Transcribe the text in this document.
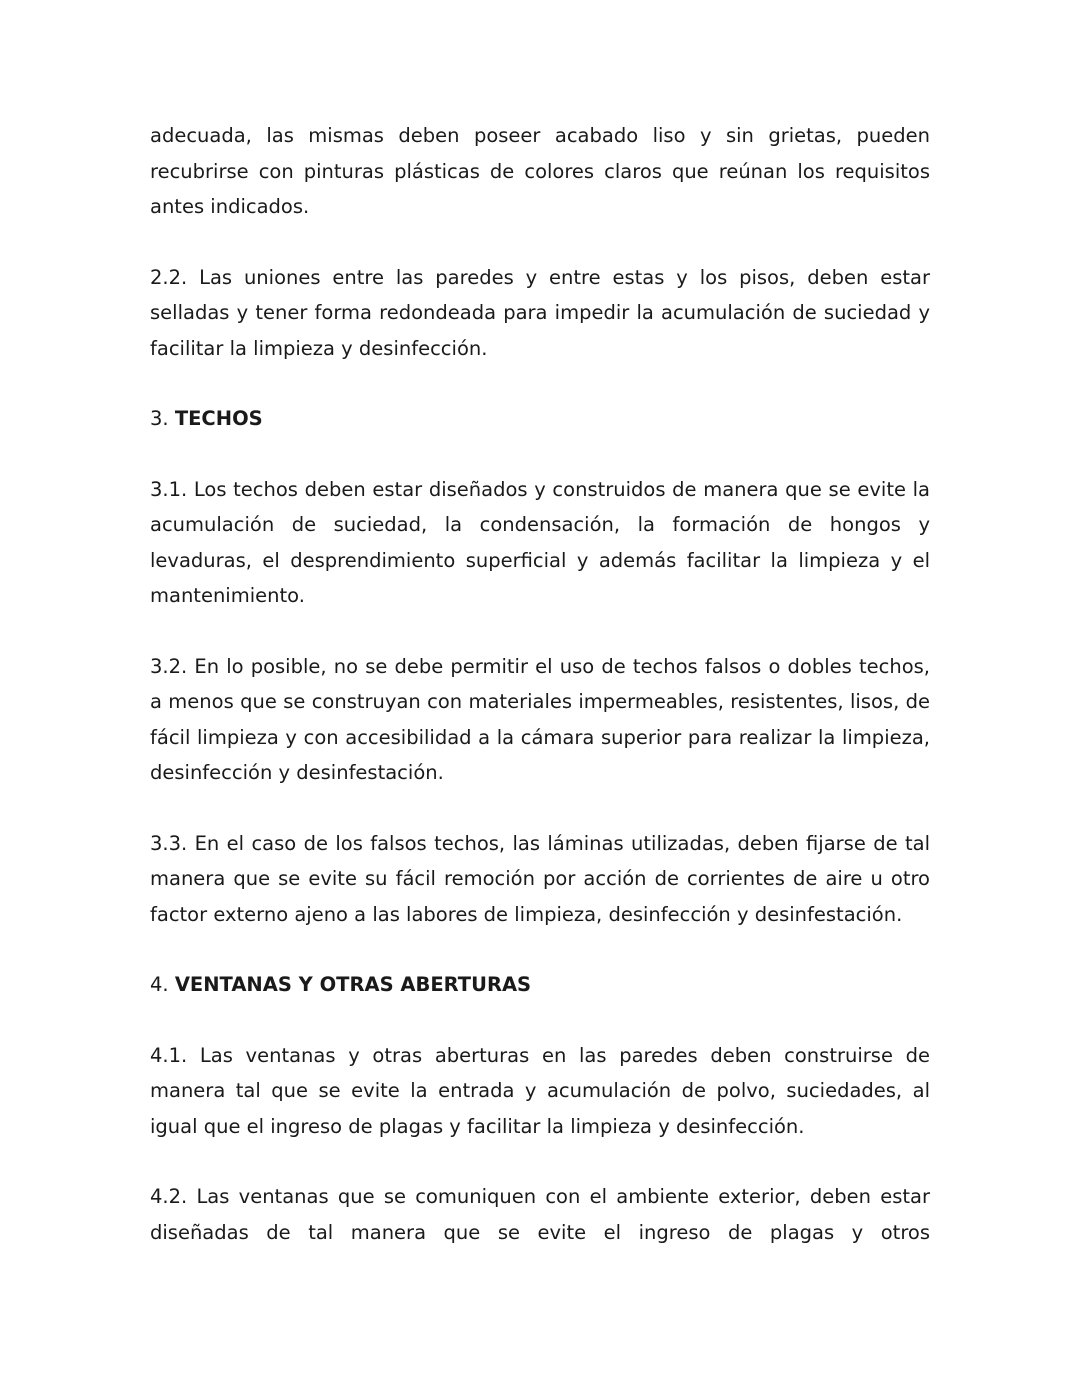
adecuada, las mismas deben poseer acabado liso y sin grietas, pueden recubrirse con pinturas plásticas de colores claros que reúnan los requisitos antes indicados.

2.2. Las uniones entre las paredes y entre estas y los pisos, deben estar selladas y tener forma redondeada para impedir la acumulación de suciedad y facilitar la limpieza y desinfección.

3. TECHOS

3.1. Los techos deben estar diseñados y construidos de manera que se evite la acumulación de suciedad, la condensación, la formación de hongos y levaduras, el desprendimiento superficial y además facilitar la limpieza y el mantenimiento.

3.2. En lo posible, no se debe permitir el uso de techos falsos o dobles techos, a menos que se construyan con materiales impermeables, resistentes, lisos, de fácil limpieza y con accesibilidad a la cámara superior para realizar la limpieza, desinfección y desinfestación.

3.3. En el caso de los falsos techos, las láminas utilizadas, deben fijarse de tal manera que se evite su fácil remoción por acción de corrientes de aire u otro factor externo ajeno a las labores de limpieza, desinfección y desinfestación.

4. VENTANAS Y OTRAS ABERTURAS

4.1. Las ventanas y otras aberturas en las paredes deben construirse de manera tal que se evite la entrada y acumulación de polvo, suciedades, al igual que el ingreso de plagas y facilitar la limpieza y desinfección.

4.2. Las ventanas que se comuniquen con el ambiente exterior, deben estar diseñadas de tal manera que se evite el ingreso de plagas y otros
